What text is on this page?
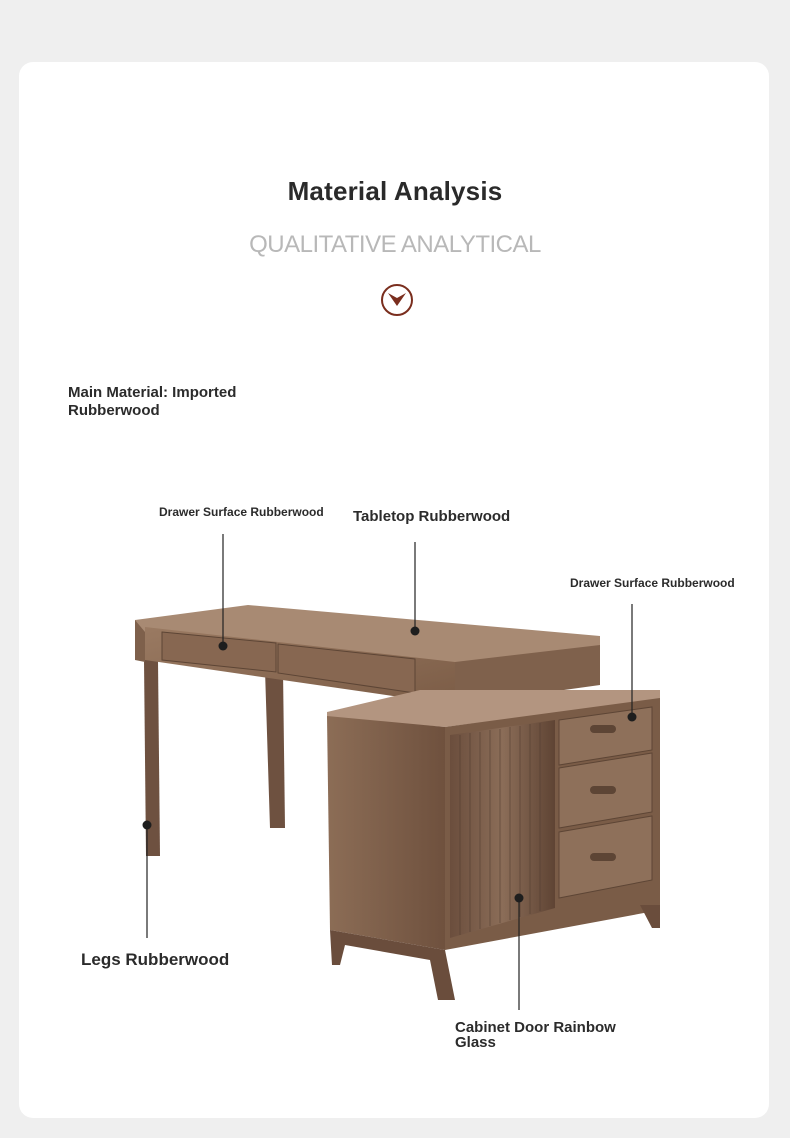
Material Analysis
QUALITATIVE ANALYTICAL
Main Material: Imported Rubberwood
Drawer Surface Rubberwood Tabletop Rubberwood
Drawer Surface Rubberwood
Legs Rubberwood
Cabinet Door Rainbow Glass
